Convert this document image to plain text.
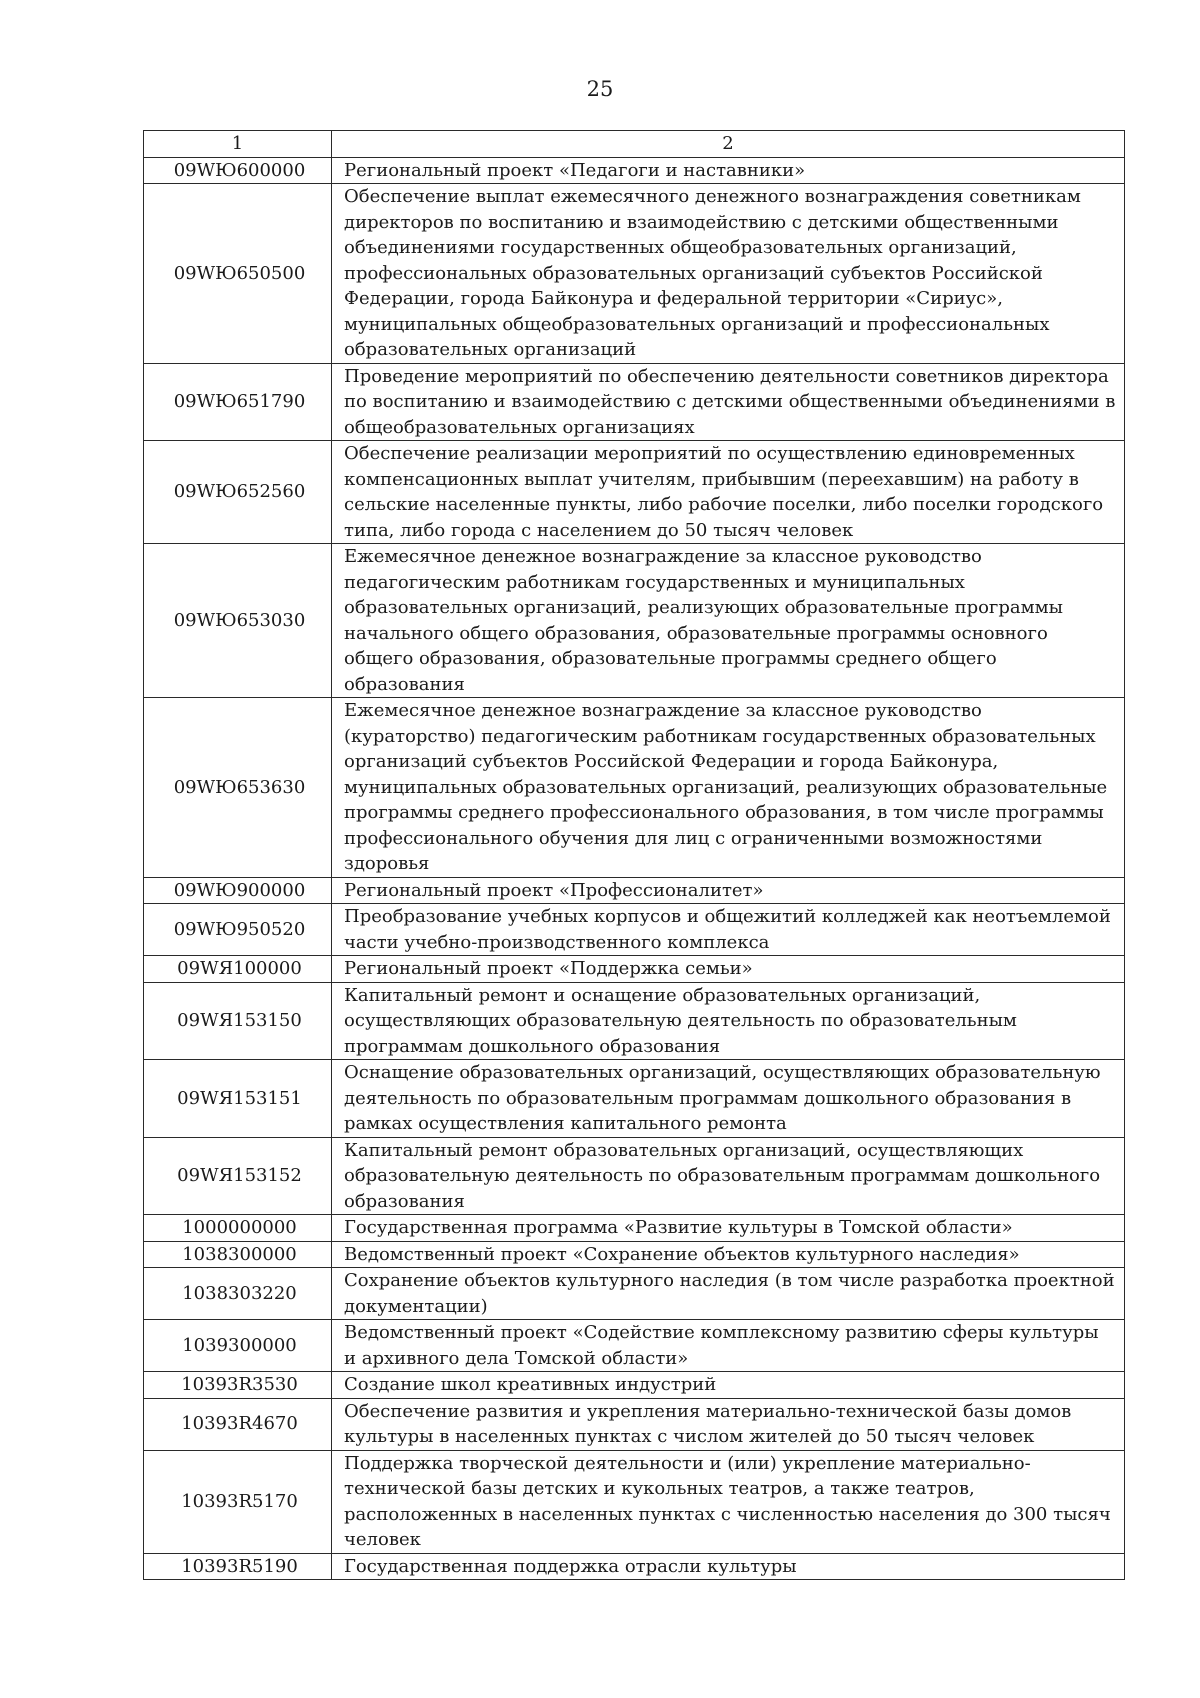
25
1	2
09WЮ600000	Региональный проект «Педагоги и наставники»
09WЮ650500	Обеспечение выплат ежемесячного денежного вознаграждения советникам директоров по воспитанию и взаимодействию с детскими общественными объединениями государственных общеобразовательных организаций, профессиональных образовательных организаций субъектов Российской Федерации, города Байконура и федеральной территории «Сириус», муниципальных общеобразовательных организаций и профессиональных образовательных организаций
09WЮ651790	Проведение мероприятий по обеспечению деятельности советников директора по воспитанию и взаимодействию с детскими общественными объединениями в общеобразовательных организациях
09WЮ652560	Обеспечение реализации мероприятий по осуществлению единовременных компенсационных выплат учителям, прибывшим (переехавшим) на работу в сельские населенные пункты, либо рабочие поселки, либо поселки городского типа, либо города с населением до 50 тысяч человек
09WЮ653030	Ежемесячное денежное вознаграждение за классное руководство педагогическим работникам государственных и муниципальных образовательных организаций, реализующих образовательные программы начального общего образования, образовательные программы основного общего образования, образовательные программы среднего общего образования
09WЮ653630	Ежемесячное денежное вознаграждение за классное руководство (кураторство) педагогическим работникам государственных образовательных организаций субъектов Российской Федерации и города Байконура, муниципальных образовательных организаций, реализующих образовательные программы среднего профессионального образования, в том числе программы профессионального обучения для лиц с ограниченными возможностями здоровья
09WЮ900000	Региональный проект «Профессионалитет»
09WЮ950520	Преобразование учебных корпусов и общежитий колледжей как неотъемлемой части учебно-производственного комплекса
09WЯ100000	Региональный проект «Поддержка семьи»
09WЯ153150	Капитальный ремонт и оснащение образовательных организаций, осуществляющих образовательную деятельность по образовательным программам дошкольного образования
09WЯ153151	Оснащение образовательных организаций, осуществляющих образовательную деятельность по образовательным программам дошкольного образования в рамках осуществления капитального ремонта
09WЯ153152	Капитальный ремонт образовательных организаций, осуществляющих образовательную деятельность по образовательным программам дошкольного образования
1000000000	Государственная программа «Развитие культуры в Томской области»
1038300000	Ведомственный проект «Сохранение объектов культурного наследия»
1038303220	Сохранение объектов культурного наследия (в том числе разработка проектной документации)
1039300000	Ведомственный проект «Содействие комплексному развитию сферы культуры и архивного дела Томской области»
10393R3530	Создание школ креативных индустрий
10393R4670	Обеспечение развития и укрепления материально-технической базы домов культуры в населенных пунктах с числом жителей до 50 тысяч человек
10393R5170	Поддержка творческой деятельности и (или) укрепление материально-технической базы детских и кукольных театров, а также театров, расположенных в населенных пунктах с численностью населения до 300 тысяч человек
10393R5190	Государственная поддержка отрасли культуры
